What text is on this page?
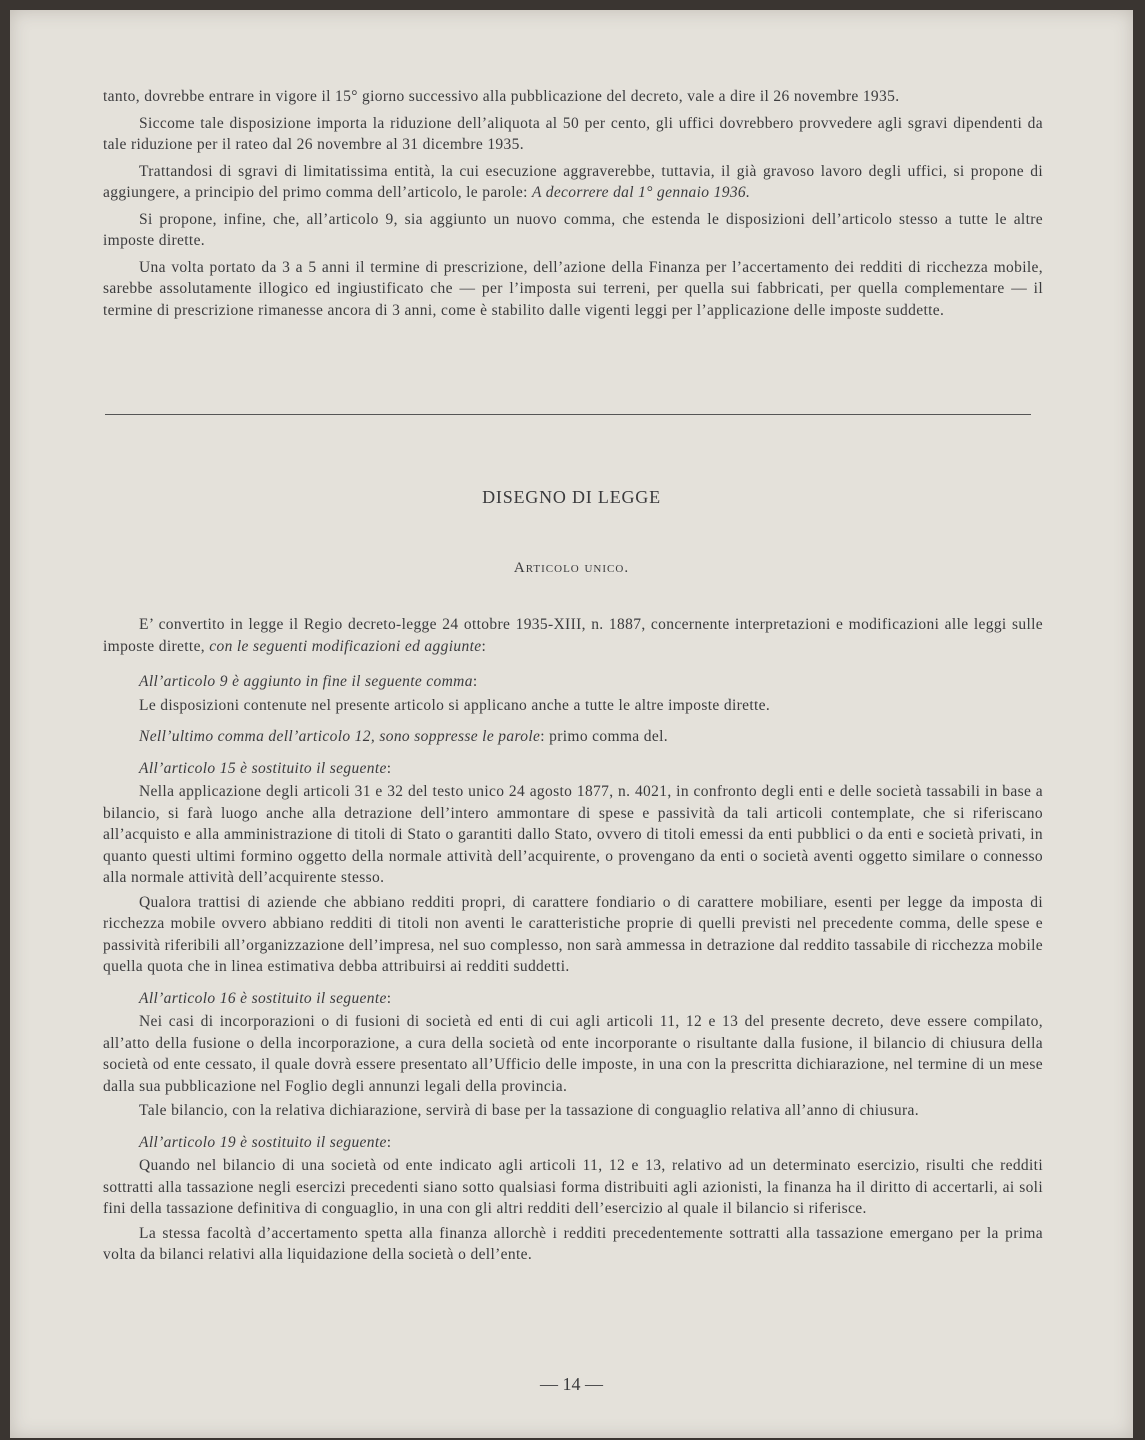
tanto, dovrebbe entrare in vigore il 15° giorno successivo alla pubblicazione del decreto, vale a dire il 26 novembre 1935.

Siccome tale disposizione importa la riduzione dell’aliquota al 50 per cento, gli uffici dovrebbero provvedere agli sgravi dipendenti da tale riduzione per il rateo dal 26 novembre al 31 dicembre 1935.

Trattandosi di sgravi di limitatissima entità, la cui esecuzione aggraverebbe, tuttavia, il già gravoso lavoro degli uffici, si propone di aggiungere, a principio del primo comma dell’articolo, le parole: A decorrere dal 1° gennaio 1936.

Si propone, infine, che, all’articolo 9, sia aggiunto un nuovo comma, che estenda le disposizioni dell’articolo stesso a tutte le altre imposte dirette.

Una volta portato da 3 a 5 anni il termine di prescrizione, dell’azione della Finanza per l’accertamento dei redditi di ricchezza mobile, sarebbe assolutamente illogico ed ingiustificato che — per l’imposta sui terreni, per quella sui fabbricati, per quella complementare — il termine di prescrizione rimanesse ancora di 3 anni, come è stabilito dalle vigenti leggi per l’applicazione delle imposte suddette.

DISEGNO DI LEGGE
Articolo unico.

E’ convertito in legge il Regio decreto-legge 24 ottobre 1935-XIII, n. 1887, concernente interpretazioni e modificazioni alle leggi sulle imposte dirette, con le seguenti modificazioni ed aggiunte:

All’articolo 9 è aggiunto in fine il seguente comma:

Le disposizioni contenute nel presente articolo si applicano anche a tutte le altre imposte dirette.

Nell’ultimo comma dell’articolo 12, sono soppresse le parole: primo comma del.

All’articolo 15 è sostituito il seguente:

Nella applicazione degli articoli 31 e 32 del testo unico 24 agosto 1877, n. 4021, in confronto degli enti e delle società tassabili in base a bilancio, si farà luogo anche alla detrazione dell’intero ammontare di spese e passività da tali articoli contemplate, che si riferiscano all’acquisto e alla amministrazione di titoli di Stato o garantiti dallo Stato, ovvero di titoli emessi da enti pubblici o da enti e società privati, in quanto questi ultimi formino oggetto della normale attività dell’acquirente, o provengano da enti o società aventi oggetto similare o connesso alla normale attività dell’acquirente stesso.

Qualora trattisi di aziende che abbiano redditi propri, di carattere fondiario o di carattere mobiliare, esenti per legge da imposta di ricchezza mobile ovvero abbiano redditi di titoli non aventi le caratteristiche proprie di quelli previsti nel precedente comma, delle spese e passività riferibili all’organizzazione dell’impresa, nel suo complesso, non sarà ammessa in detrazione dal reddito tassabile di ricchezza mobile quella quota che in linea estimativa debba attribuirsi ai redditi suddetti.

All’articolo 16 è sostituito il seguente:

Nei casi di incorporazioni o di fusioni di società ed enti di cui agli articoli 11, 12 e 13 del presente decreto, deve essere compilato, all’atto della fusione o della incorporazione, a cura della società od ente incorporante o risultante dalla fusione, il bilancio di chiusura della società od ente cessato, il quale dovrà essere presentato all’Ufficio delle imposte, in una con la prescritta dichiarazione, nel termine di un mese dalla sua pubblicazione nel Foglio degli annunzi legali della provincia.

Tale bilancio, con la relativa dichiarazione, servirà di base per la tassazione di conguaglio relativa all’anno di chiusura.

All’articolo 19 è sostituito il seguente:

Quando nel bilancio di una società od ente indicato agli articoli 11, 12 e 13, relativo ad un determinato esercizio, risulti che redditi sottratti alla tassazione negli esercizi precedenti siano sotto qualsiasi forma distribuiti agli azionisti, la finanza ha il diritto di accertarli, ai soli fini della tassazione definitiva di conguaglio, in una con gli altri redditi dell’esercizio al quale il bilancio si riferisce.

La stessa facoltà d’accertamento spetta alla finanza allorchè i redditi precedentemente sottratti alla tassazione emergano per la prima volta da bilanci relativi alla liquidazione della società o dell’ente.

— 14 —
